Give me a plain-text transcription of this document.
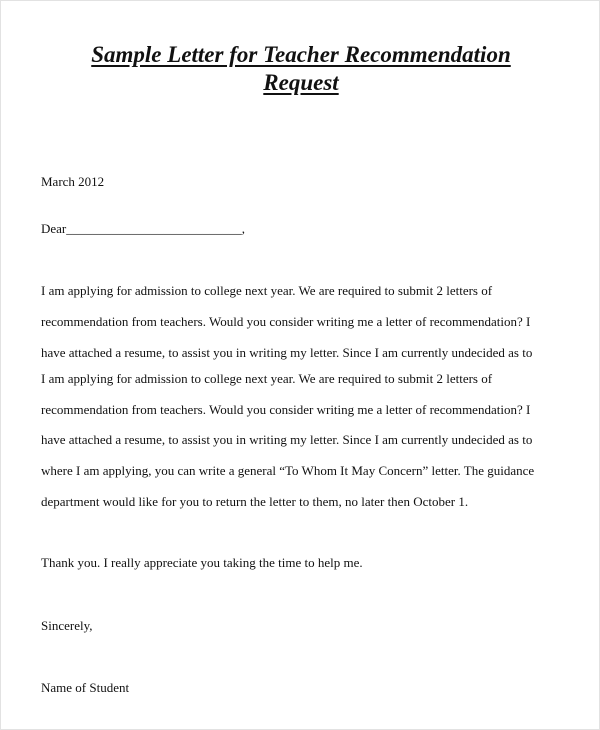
Sample Letter for Teacher Recommendation
Request

March 2012

Dear___________________________,

I am applying for admission to college next year. We are required to submit 2 letters of

recommendation from teachers. Would you consider writing me a letter of recommendation? I

have attached a resume, to assist you in writing my letter. Since I am currently undecided as to

I am applying for admission to college next year. We are required to submit 2 letters of

recommendation from teachers. Would you consider writing me a letter of recommendation? I

have attached a resume, to assist you in writing my letter. Since I am currently undecided as to

where I am applying, you can write a general “To Whom It May Concern” letter. The guidance

department would like for you to return the letter to them, no later then October 1.

Thank you. I really appreciate you taking the time to help me.

Sincerely,

Name of Student
